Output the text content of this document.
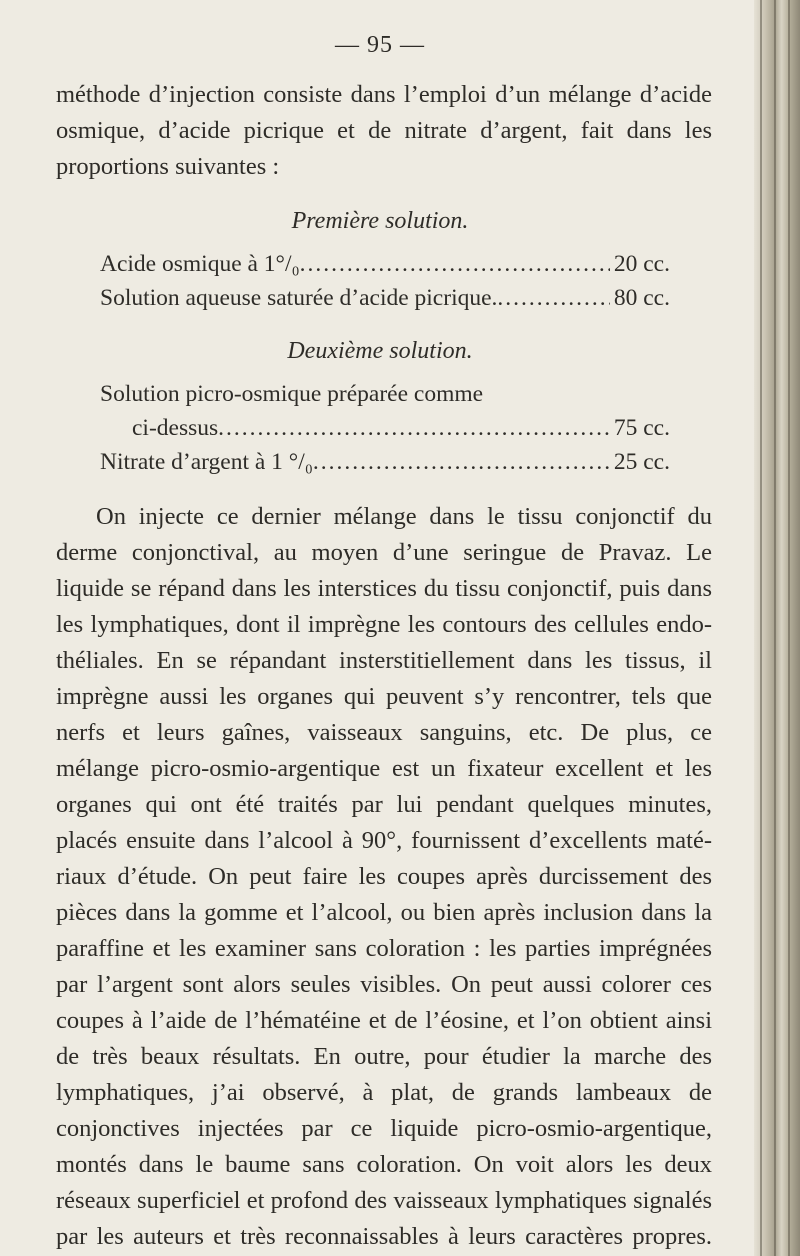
— 95 —
méthode d’injection consiste dans l’emploi d’un mélange d’acide
osmique, d’acide picrique et de nitrate d’argent, fait dans les
proportions suivantes :
Première solution.
Acide osmique à 1°/₀ .....	20 cc.
Solution aqueuse saturée d’acide picrique. .....	80 cc.
Deuxième solution.
Solution picro-osmique préparée comme
ci-dessus .....	75 cc.
Nitrate d’argent à 1 °/₀ .....	25 cc.
On injecte ce dernier mélange dans le tissu conjonctif du
derme conjonctival, au moyen d’une seringue de Pravaz. Le
liquide se répand dans les interstices du tissu conjonctif, puis dans
les lymphatiques, dont il imprègne les contours des cellules endo-
théliales. En se répandant insterstitiellement dans les tissus, il
imprègne aussi les organes qui peuvent s’y rencontrer, tels que
nerfs et leurs gaînes, vaisseaux sanguins, etc. De plus, ce
mélange picro-osmio-argentique est un fixateur excellent et les
organes qui ont été traités par lui pendant quelques minutes,
placés ensuite dans l’alcool à 90°, fournissent d’excellents maté-
riaux d’étude. On peut faire les coupes après durcissement des
pièces dans la gomme et l’alcool, ou bien après inclusion dans la
paraffine et les examiner sans coloration : les parties imprégnées
par l’argent sont alors seules visibles. On peut aussi colorer ces
coupes à l’aide de l’hématéine et de l’éosine, et l’on obtient ainsi
de très beaux résultats. En outre, pour étudier la marche des
lymphatiques, j’ai observé, à plat, de grands lambeaux de
conjonctives injectées par ce liquide picro-osmio-argentique,
montés dans le baume sans coloration. On voit alors les deux
réseaux superficiel et profond des vaisseaux lymphatiques signalés
par les auteurs et très reconnaissables à leurs caractères propres.
